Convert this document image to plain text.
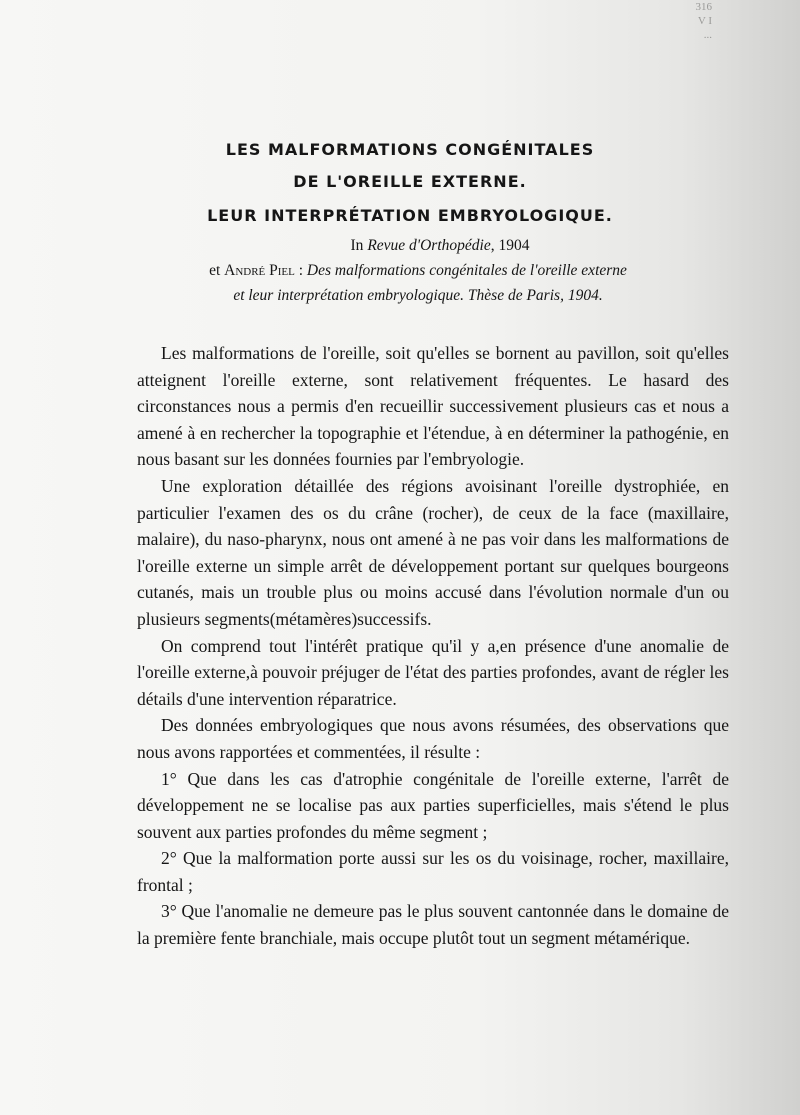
316
V I
...
LES MALFORMATIONS CONGÉNITALES
DE L'OREILLE EXTERNE.
LEUR INTERPRÉTATION EMBRYOLOGIQUE.
In Revue d'Orthopédie, 1904
et André Piel : Des malformations congénitales de l'oreille externe
et leur interprétation embryologique. Thèse de Paris, 1904.

Les malformations de l'oreille, soit qu'elles se bornent au pavillon, soit qu'elles atteignent l'oreille externe, sont relativement fréquentes. Le hasard des circonstances nous a permis d'en recueillir successivement plusieurs cas et nous a amené à en rechercher la topographie et l'étendue, à en déterminer la pathogénie, en nous basant sur les données fournies par l'embryologie.

Une exploration détaillée des régions avoisinant l'oreille dystrophiée, en particulier l'examen des os du crâne (rocher), de ceux de la face (maxillaire, malaire), du naso-pharynx, nous ont amené à ne pas voir dans les malformations de l'oreille externe un simple arrêt de développement portant sur quelques bourgeons cutanés, mais un trouble plus ou moins accusé dans l'évolution normale d'un ou plusieurs segments(métamères)successifs.

On comprend tout l'intérêt pratique qu'il y a,en présence d'une anomalie de l'oreille externe,à pouvoir préjuger de l'état des parties profondes, avant de régler les détails d'une intervention réparatrice.

Des données embryologiques que nous avons résumées, des observations que nous avons rapportées et commentées, il résulte :

1° Que dans les cas d'atrophie congénitale de l'oreille externe, l'arrêt de développement ne se localise pas aux parties superficielles, mais s'étend le plus souvent aux parties profondes du même segment ;

2° Que la malformation porte aussi sur les os du voisinage, rocher, maxillaire, frontal ;

3° Que l'anomalie ne demeure pas le plus souvent cantonnée dans le domaine de la première fente branchiale, mais occupe plutôt tout un segment métamérique.
